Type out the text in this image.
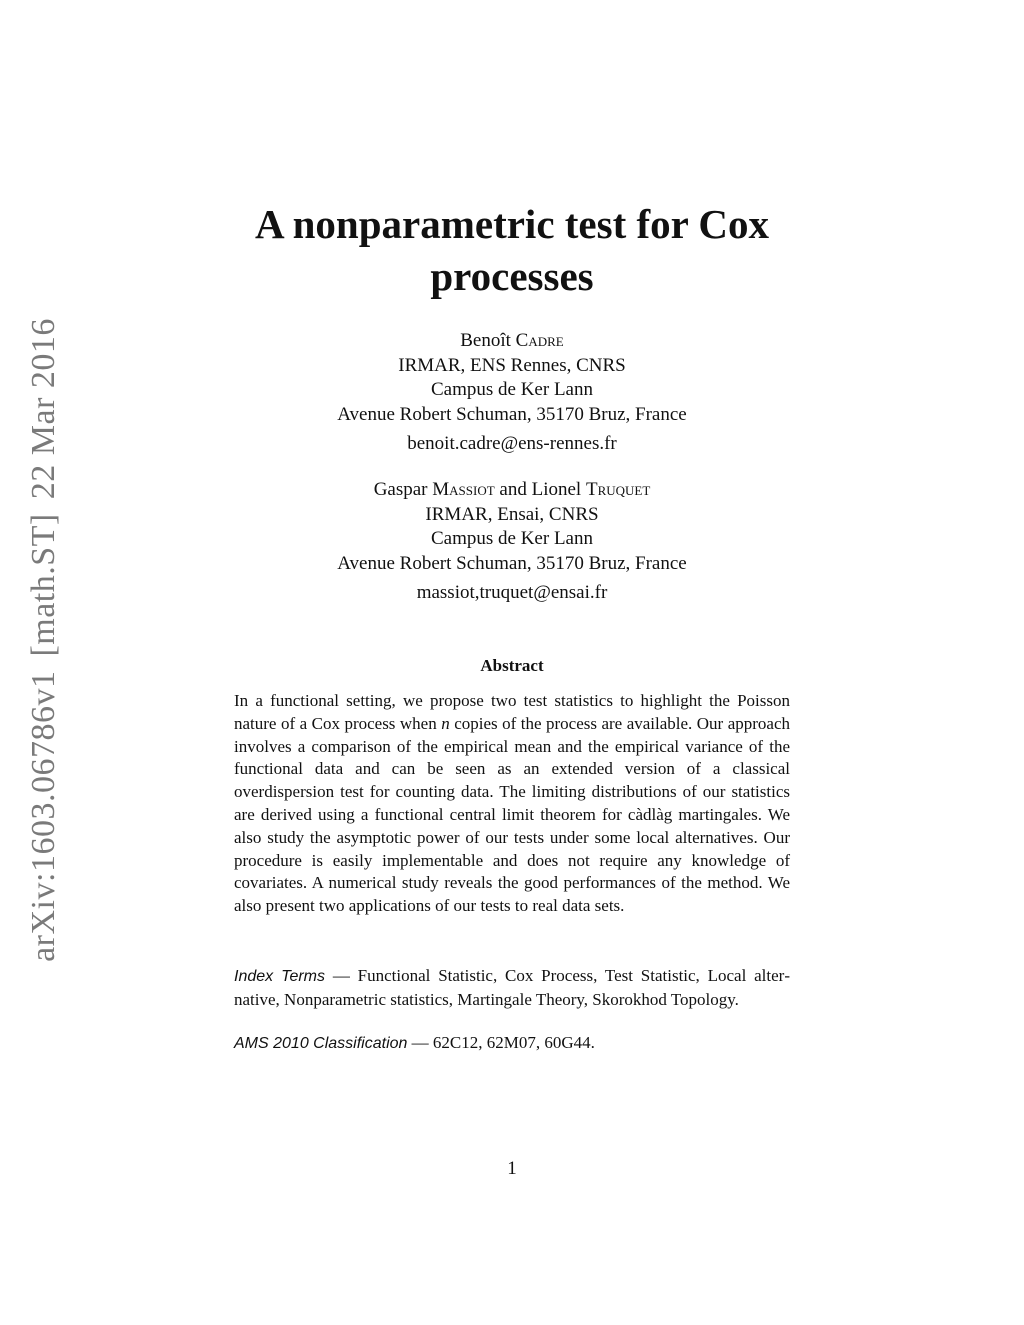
arXiv:1603.06786v1[math.ST]22 Mar 2016
A nonparametric test for Cox
processes
Benoît Cadre
IRMAR, ENS Rennes, CNRS
Campus de Ker Lann
Avenue Robert Schuman, 35170 Bruz, France
benoit.cadre@ens-rennes.fr
Gaspar Massiot and Lionel Truquet
IRMAR, Ensai, CNRS
Campus de Ker Lann
Avenue Robert Schuman, 35170 Bruz, France
massiot,truquet@ensai.fr
Abstract
In a functional setting, we propose two test statistics to highlight the Poisson nature of a Cox process when n copies of the process are available. Our approach involves a comparison of the empirical mean and the empirical variance of the functional data and can be seen as an extended version of a classical overdispersion test for counting data. The limiting distributions of our statistics are derived using a functional central limit theorem for càdlàg martingales. We also study the asymptotic power of our tests under some local alternatives. Our procedure is easily implementable and does not require any knowledge of covariates. A numerical study reveals the good performances of the method. We also present two applications of our tests to real data sets.
Index Terms — Functional Statistic, Cox Process, Test Statistic, Local alternative, Nonparametric statistics, Martingale Theory, Skorokhod Topology.
AMS 2010 Classification — 62C12, 62M07, 60G44.
1
